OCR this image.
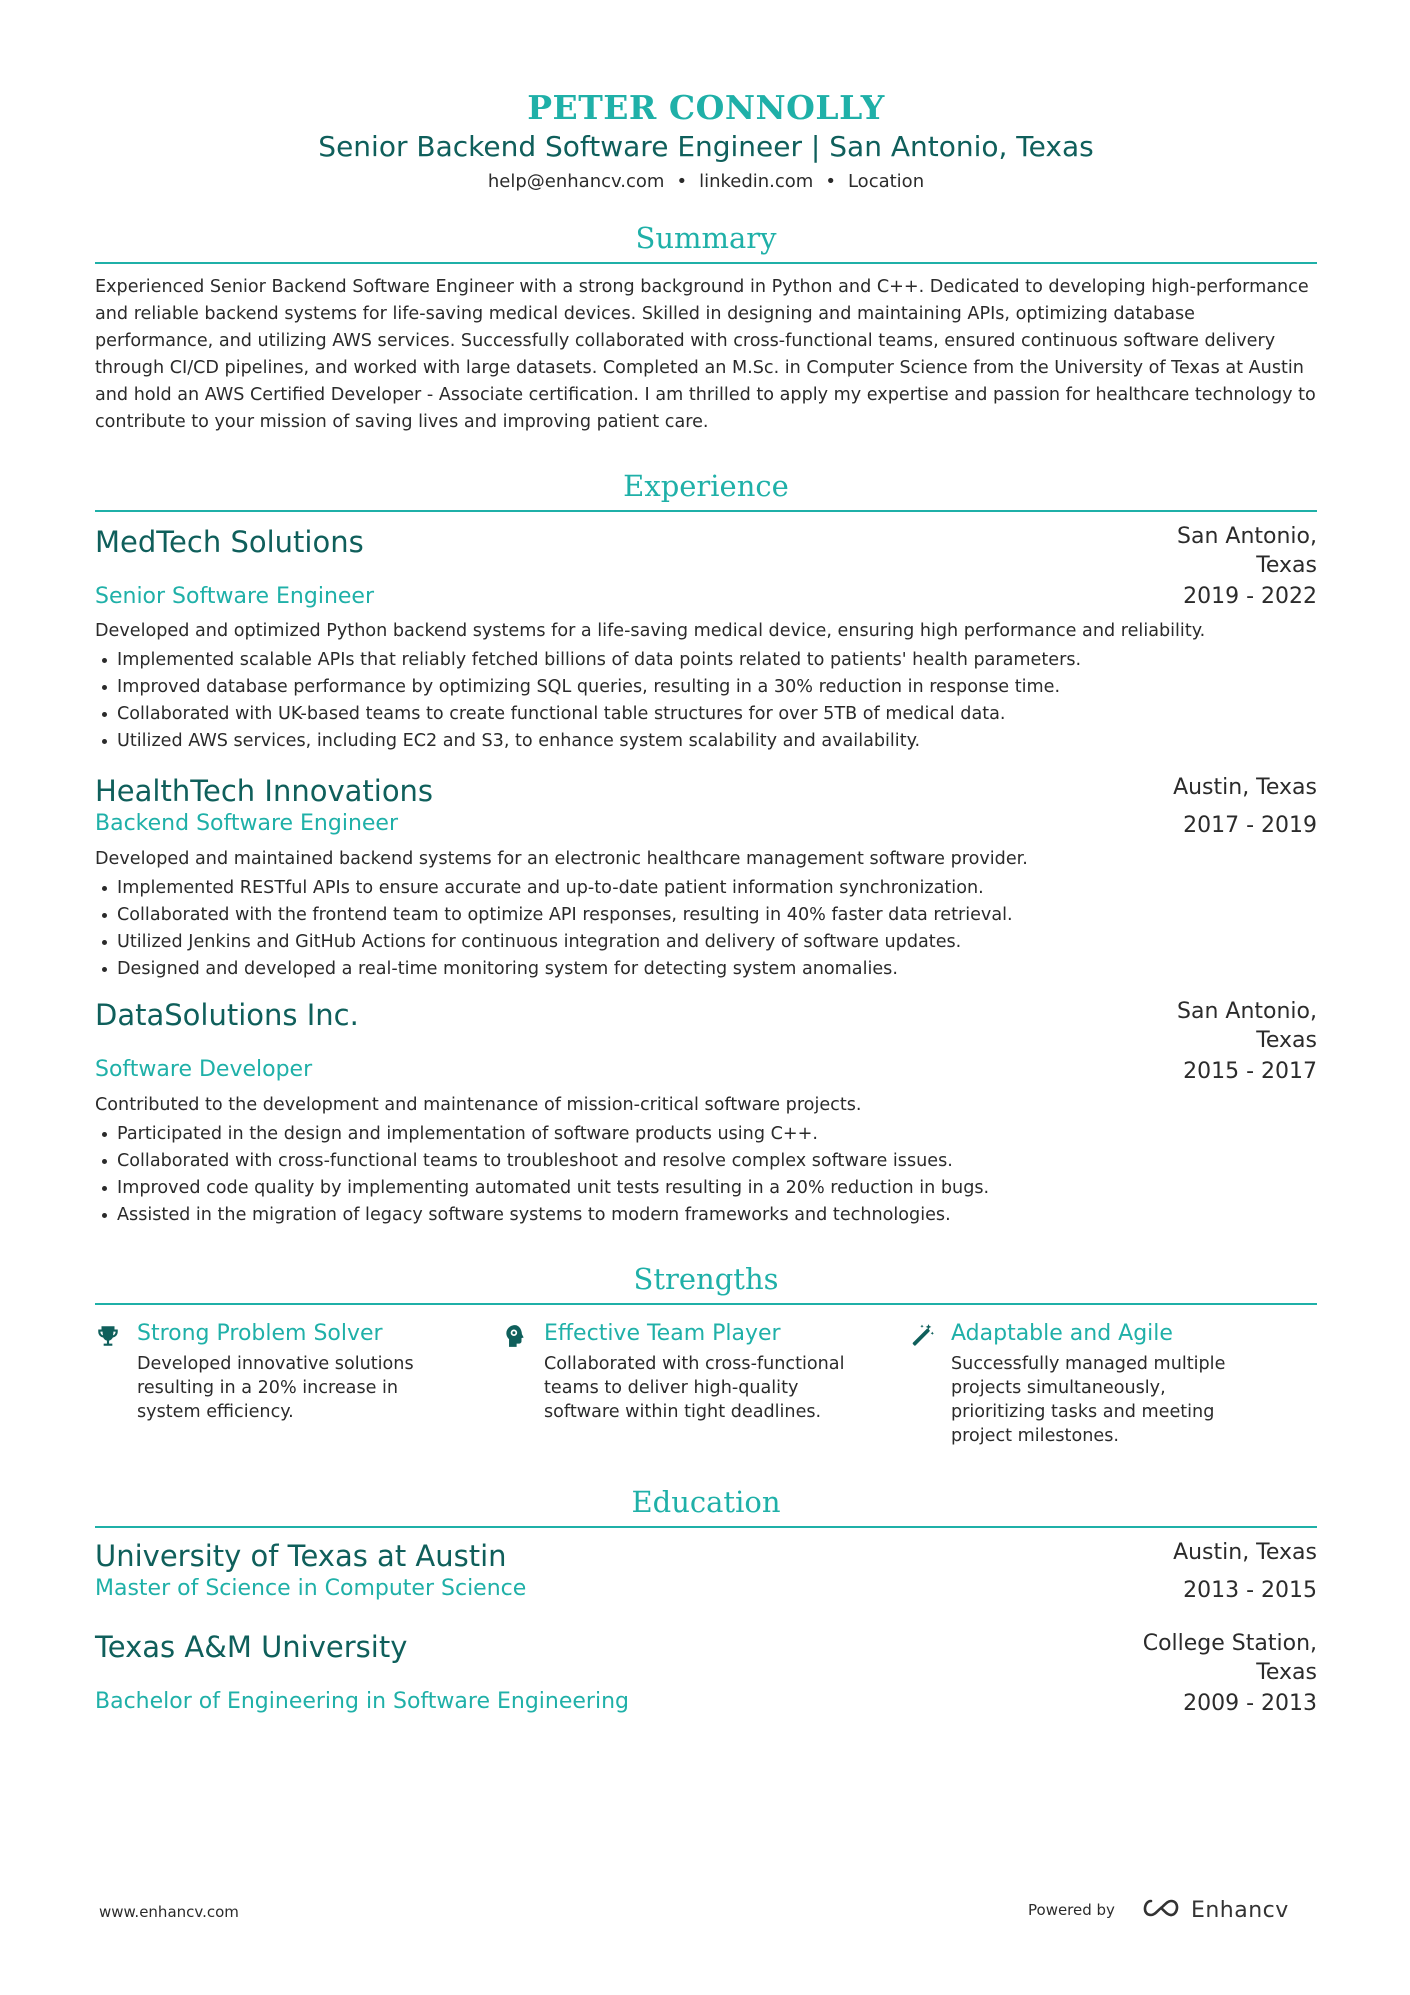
PETER CONNOLLY
Senior Backend Software Engineer | San Antonio, Texas
help@enhancv.com • linkedin.com • Location
Summary
Experienced Senior Backend Software Engineer with a strong background in Python and C++. Dedicated to developing high-performance and reliable backend systems for life-saving medical devices. Skilled in designing and maintaining APIs, optimizing database performance, and utilizing AWS services. Successfully collaborated with cross-functional teams, ensured continuous software delivery through CI/CD pipelines, and worked with large datasets. Completed an M.Sc. in Computer Science from the University of Texas at Austin and hold an AWS Certified Developer - Associate certification. I am thrilled to apply my expertise and passion for healthcare technology to contribute to your mission of saving lives and improving patient care.
Experience
MedTech Solutions
Senior Software Engineer
San Antonio, Texas
2019 - 2022
Developed and optimized Python backend systems for a life-saving medical device, ensuring high performance and reliability.
Implemented scalable APIs that reliably fetched billions of data points related to patients' health parameters.
Improved database performance by optimizing SQL queries, resulting in a 30% reduction in response time.
Collaborated with UK-based teams to create functional table structures for over 5TB of medical data.
Utilized AWS services, including EC2 and S3, to enhance system scalability and availability.
HealthTech Innovations
Backend Software Engineer
Austin, Texas
2017 - 2019
Developed and maintained backend systems for an electronic healthcare management software provider.
Implemented RESTful APIs to ensure accurate and up-to-date patient information synchronization.
Collaborated with the frontend team to optimize API responses, resulting in 40% faster data retrieval.
Utilized Jenkins and GitHub Actions for continuous integration and delivery of software updates.
Designed and developed a real-time monitoring system for detecting system anomalies.
DataSolutions Inc.
Software Developer
San Antonio, Texas
2015 - 2017
Contributed to the development and maintenance of mission-critical software projects.
Participated in the design and implementation of software products using C++.
Collaborated with cross-functional teams to troubleshoot and resolve complex software issues.
Improved code quality by implementing automated unit tests resulting in a 20% reduction in bugs.
Assisted in the migration of legacy software systems to modern frameworks and technologies.
Strengths
Strong Problem Solver
Developed innovative solutions resulting in a 20% increase in system efficiency.
Effective Team Player
Collaborated with cross-functional teams to deliver high-quality software within tight deadlines.
Adaptable and Agile
Successfully managed multiple projects simultaneously, prioritizing tasks and meeting project milestones.
Education
University of Texas at Austin
Master of Science in Computer Science
Austin, Texas
2013 - 2015
Texas A&M University
Bachelor of Engineering in Software Engineering
College Station, Texas
2009 - 2013
www.enhancv.com	Powered by	Enhancv
